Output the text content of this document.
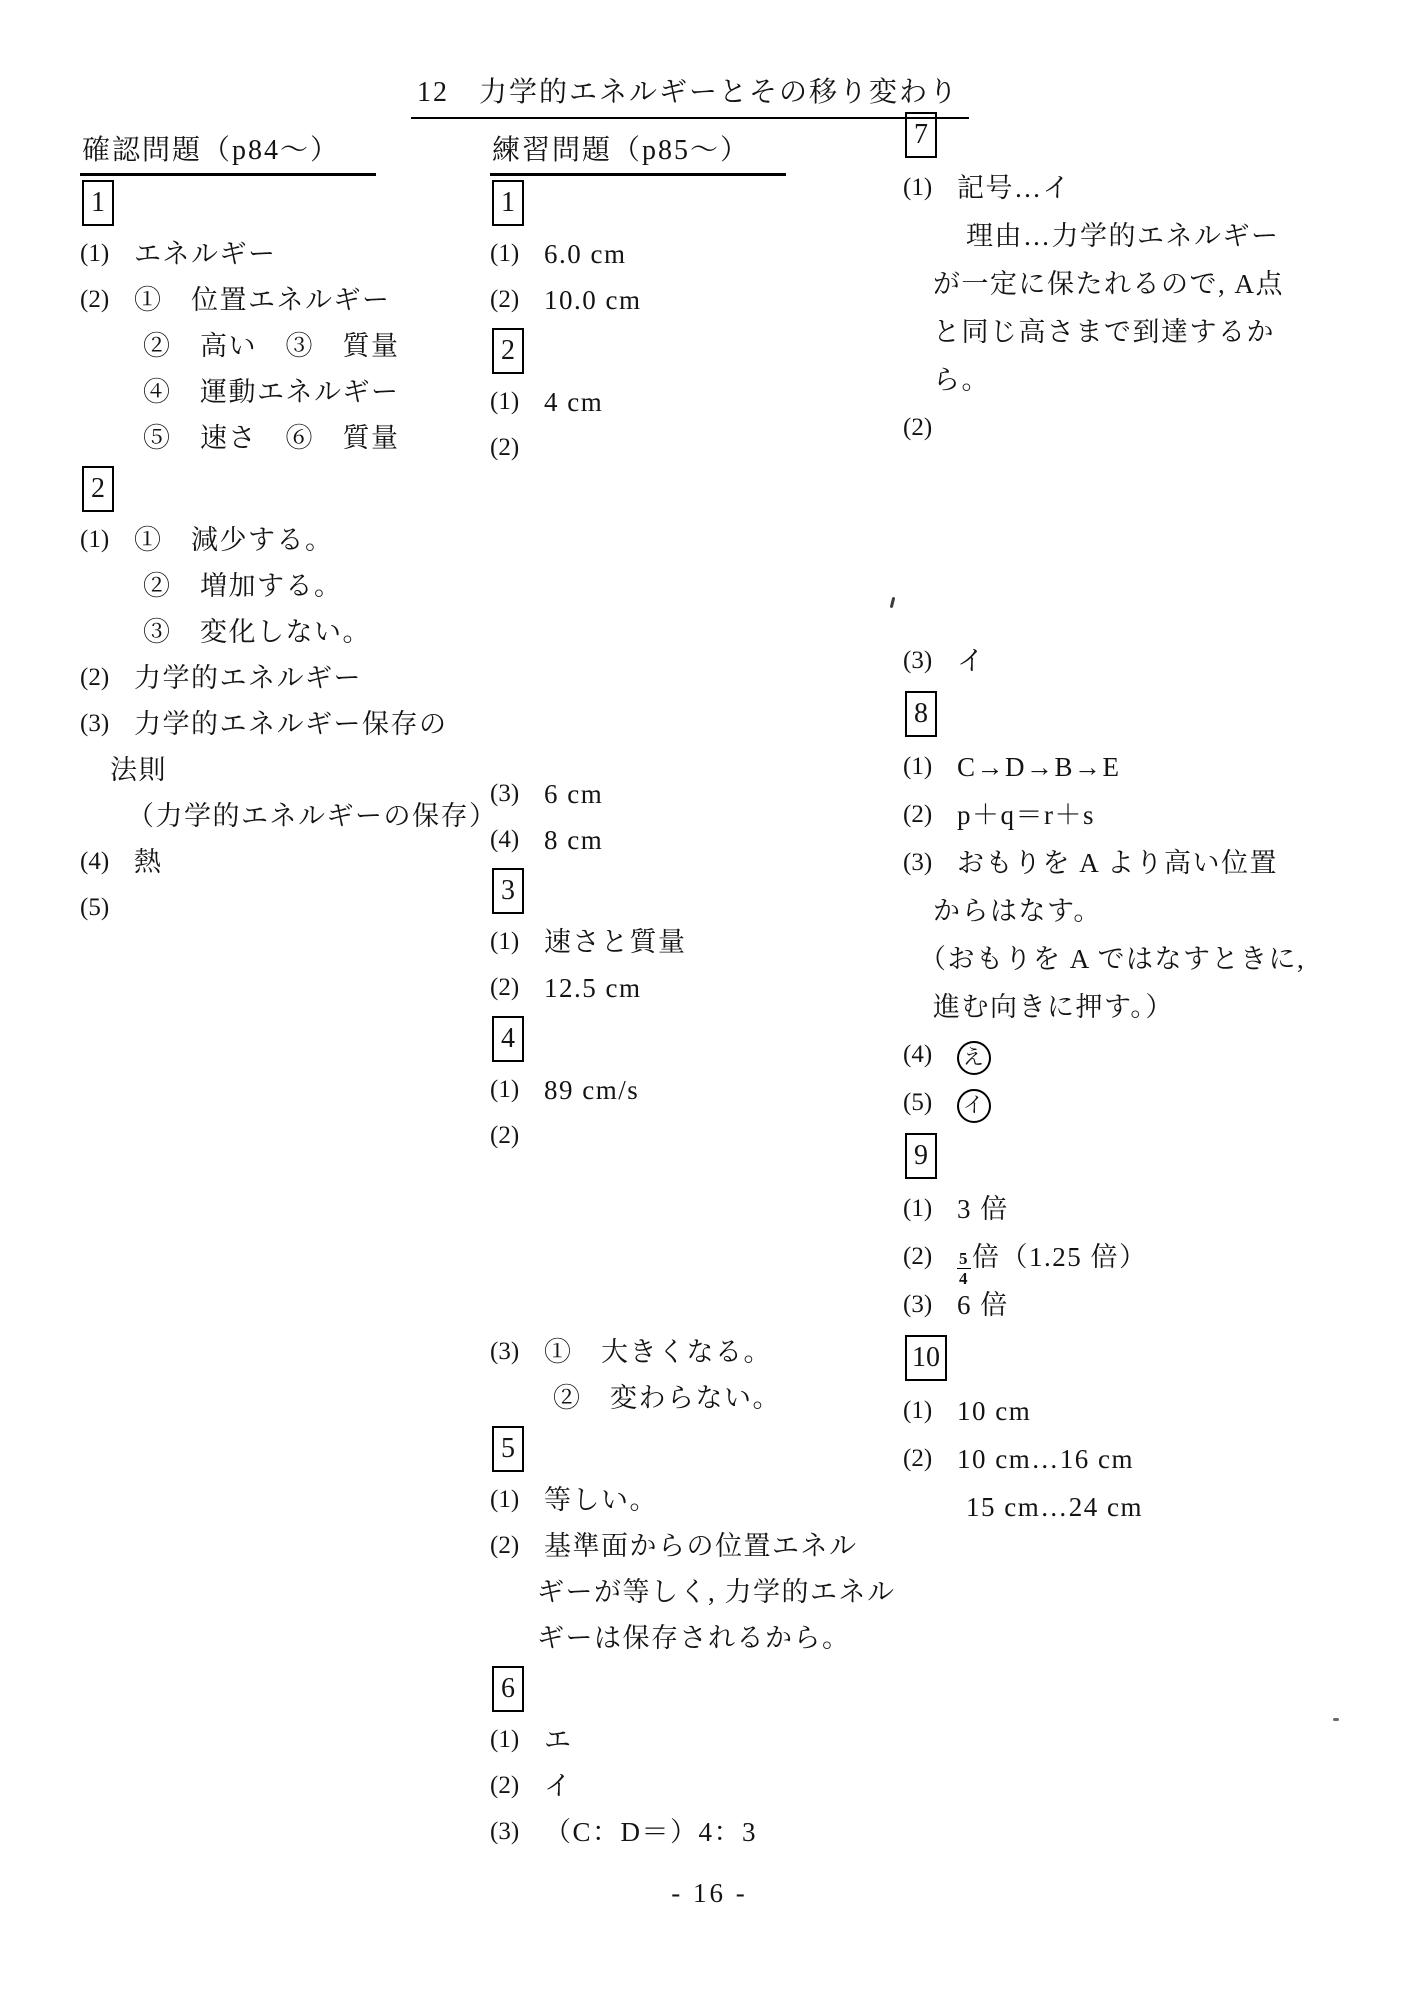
12　力学的エネルギーとその移り変わり
確認問題（p84～）
1
(1) エネルギー
(2) ①　位置エネルギー
②　高い　③　質量
④　運動エネルギー
⑤　速さ　⑥　質量
2
(1) ①　減少する。
②　増加する。
③　変化しない。
(2) 力学的エネルギー
(3) 力学的エネルギー保存の
法則
（力学的エネルギーの保存）
(4) 熱
(5)
練習問題（p85～）
1
(1) 6.0 cm
(2) 10.0 cm
2
(1) 4 cm
(2)
(3) 6 cm
(4) 8 cm
3
(1) 速さと質量
(2) 12.5 cm
4
(1) 89 cm/s
(2)
(3) ①　大きくなる。
②　変わらない。
5
(1) 等しい。
(2) 基準面からの位置エネル
ギーが等しく, 力学的エネル
ギーは保存されるから。
6
(1) エ
(2) イ
(3) （C：D＝）4：3
7
(1) 記号…イ
理由…力学的エネルギー
が一定に保たれるので, A点
と同じ高さまで到達するか
ら。
(2)
(3) イ
8
(1) C→D→B→E
(2) p＋q＝r＋s
(3) おもりを A より高い位置
からはなす。
（おもりを A ではなすときに,
進む向きに押す。）
(4)	え
(5)	イ
9
(1) 3 倍
(2)	$\frac{5}{4}$ 倍（1.25 倍）
(3) 6 倍
10
(1) 10 cm
(2) 10 cm…16 cm
15 cm…24 cm
- 16 -
